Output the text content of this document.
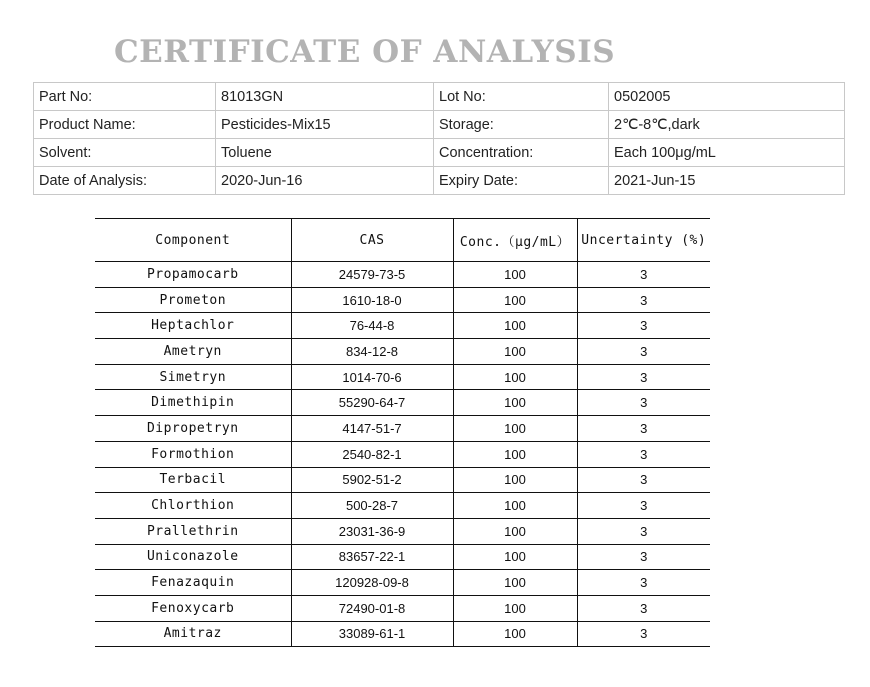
CERTIFICATE OF ANALYSIS
Part No:	81013GN	Lot No:	0502005
Product Name:	Pesticides-Mix15	Storage:	2℃-8℃,dark
Solvent:	Toluene	Concentration:	Each 100μg/mL
Date of Analysis:	2020-Jun-16	Expiry Date:	2021-Jun-15
Component	CAS	Conc.（μg/mL）	Uncertainty (%)
Propamocarb	24579-73-5	100	3
Prometon	1610-18-0	100	3
Heptachlor	76-44-8	100	3
Ametryn	834-12-8	100	3
Simetryn	1014-70-6	100	3
Dimethipin	55290-64-7	100	3
Dipropetryn	4147-51-7	100	3
Formothion	2540-82-1	100	3
Terbacil	5902-51-2	100	3
Chlorthion	500-28-7	100	3
Prallethrin	23031-36-9	100	3
Uniconazole	83657-22-1	100	3
Fenazaquin	120928-09-8	100	3
Fenoxycarb	72490-01-8	100	3
Amitraz	33089-61-1	100	3
